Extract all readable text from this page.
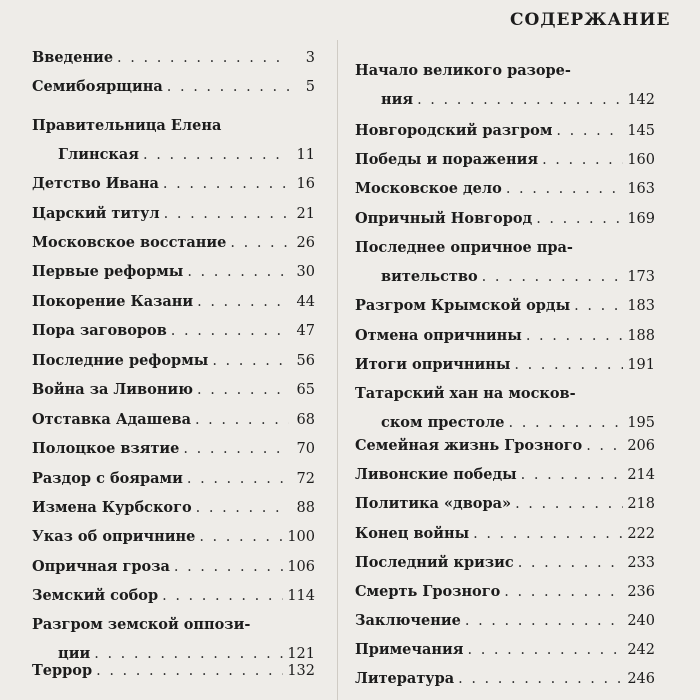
СОДЕРЖАНИЕ
Введение . . .	3
Семибоярщина . . .	5
Правительница Елена
Глинская . . .	11
Детство Ивана . . .	16
Царский титул . . .	21
Московское восстание . . .	26
Первые реформы . . .	30
Покорение Казани . . .	44
Пора заговоров . . .	47
Последние реформы . . .	56
Война за Ливонию . . .	65
Отставка Адашева . . .	68
Полоцкое взятие . . .	70
Раздор с боярами . . .	72
Измена Курбского . . .	88
Указ об опричнине . . .	100
Опричная гроза . . .	106
Земский собор . . .	114
Разгром земской оппози-
ции . . .	121
Террор . . .	132
Начало великого разоре-
ния . . .	142
Новгородский разгром . . .	145
Победы и поражения . . .	160
Московское дело . . .	163
Опричный Новгород . . .	169
Последнее опричное пра-
вительство . . .	173
Разгром Крымской орды . . .	183
Отмена опричнины . . .	188
Итоги опричнины . . .	191
Татарский хан на москов-
ском престоле . . .	195
Семейная жизнь Грозного . . .	206
Ливонские победы . . .	214
Политика «двора» . . .	218
Конец войны . . .	222
Последний кризис . . .	233
Смерть Грозного . . .	236
Заключение . . .	240
Примечания . . .	242
Литература . . .	246
